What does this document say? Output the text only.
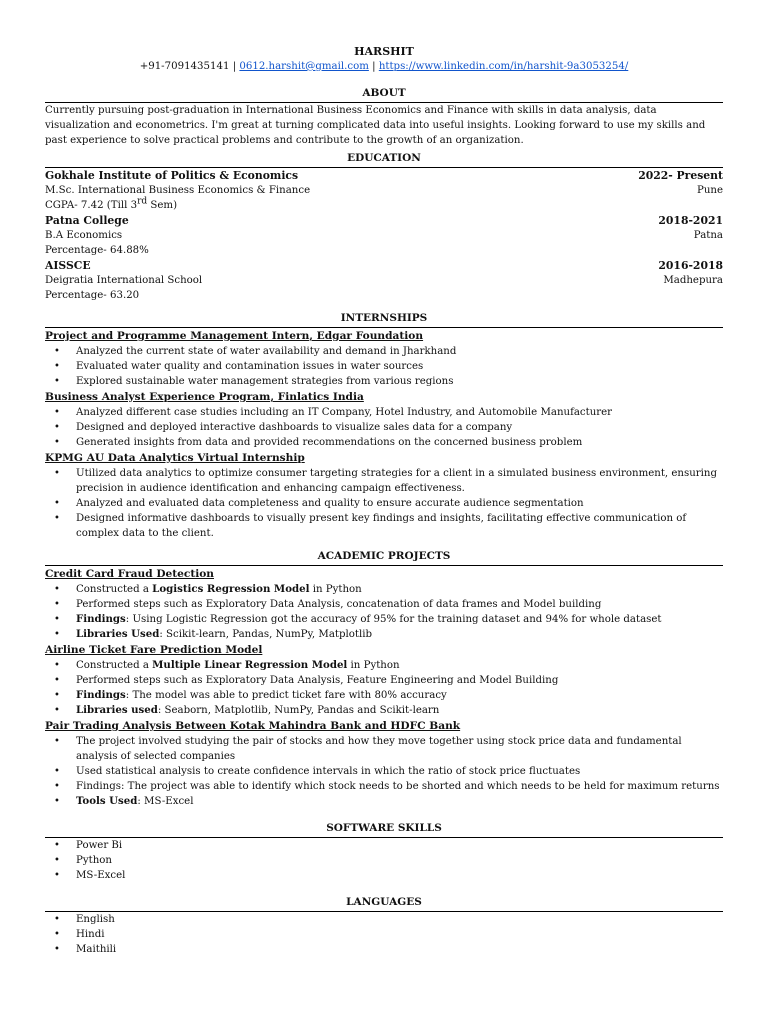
HARSHIT
+91-7091435141 | 0612.harshit@gmail.com | https://www.linkedin.com/in/harshit-9a3053254/
ABOUT

Currently pursuing post-graduation in International Business Economics and Finance with skills in data analysis, data visualization and econometrics. I'm great at turning complicated data into useful insights. Looking forward to use my skills and past experience to solve practical problems and contribute to the growth of an organization.

EDUCATION
Gokhale Institute of Politics & Economics	2022- Present
M.Sc. International Business Economics & Finance	Pune
CGPA- 7.42 (Till 3rd Sem)
Patna College	2018-2021
B.A Economics	Patna
Percentage- 64.88%
AISSCE	2016-2018
Deigratia International School	Madhepura
Percentage- 63.20
INTERNSHIPS
Project and Programme Management Intern, Edgar Foundation
• Analyzed the current state of water availability and demand in Jharkhand
• Evaluated water quality and contamination issues in water sources
• Explored sustainable water management strategies from various regions
Business Analyst Experience Program, Finlatics India
• Analyzed different case studies including an IT Company, Hotel Industry, and Automobile Manufacturer
• Designed and deployed interactive dashboards to visualize sales data for a company
• Generated insights from data and provided recommendations on the concerned business problem
KPMG AU Data Analytics Virtual Internship
• Utilized data analytics to optimize consumer targeting strategies for a client in a simulated business environment, ensuring precision in audience identification and enhancing campaign effectiveness.
• Analyzed and evaluated data completeness and quality to ensure accurate audience segmentation
• Designed informative dashboards to visually present key findings and insights, facilitating effective communication of complex data to the client.
ACADEMIC PROJECTS
Credit Card Fraud Detection
• Constructed a Logistics Regression Model in Python
• Performed steps such as Exploratory Data Analysis, concatenation of data frames and Model building
• Findings: Using Logistic Regression got the accuracy of 95% for the training dataset and 94% for whole dataset
• Libraries Used: Scikit-learn, Pandas, NumPy, Matplotlib
Airline Ticket Fare Prediction Model
• Constructed a Multiple Linear Regression Model in Python
• Performed steps such as Exploratory Data Analysis, Feature Engineering and Model Building
• Findings: The model was able to predict ticket fare with 80% accuracy
• Libraries used: Seaborn, Matplotlib, NumPy, Pandas and Scikit-learn
Pair Trading Analysis Between Kotak Mahindra Bank and HDFC Bank
• The project involved studying the pair of stocks and how they move together using stock price data and fundamental analysis of selected companies
• Used statistical analysis to create confidence intervals in which the ratio of stock price fluctuates
• Findings: The project was able to identify which stock needs to be shorted and which needs to be held for maximum returns
• Tools Used: MS-Excel
SOFTWARE SKILLS
• Power Bi
• Python
• MS-Excel
LANGUAGES
• English
• Hindi
• Maithili
